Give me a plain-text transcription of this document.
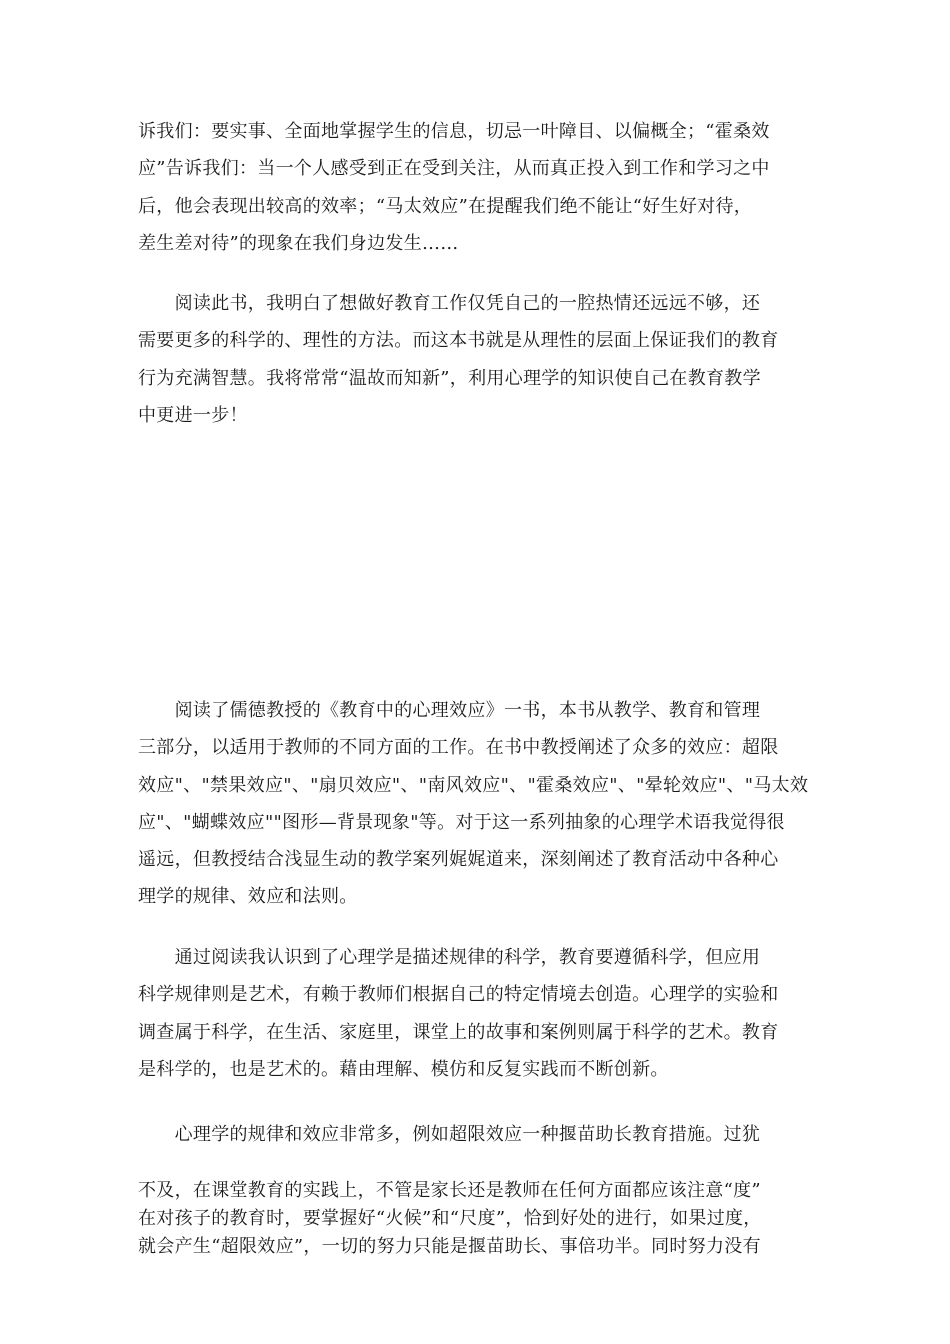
诉我们：要实事、全面地掌握学生的信息，切忌一叶障目、以偏概全；“霍桑效
应”告诉我们：当一个人感受到正在受到关注，从而真正投入到工作和学习之中
后，他会表现出较高的效率；“马太效应”在提醒我们绝不能让“好生好对待，
差生差对待”的现象在我们身边发生……

　　阅读此书，我明白了想做好教育工作仅凭自己的一腔热情还远远不够，还
需要更多的科学的、理性的方法。而这本书就是从理性的层面上保证我们的教育
行为充满智慧。我将常常“温故而知新”，利用心理学的知识使自己在教育教学
中更进一步！

　　阅读了儒德教授的《教育中的心理效应》一书，本书从教学、教育和管理
三部分，以适用于教师的不同方面的工作。在书中教授阐述了众多的效应：超限
效应"、"禁果效应"、"扇贝效应"、"南风效应"、"霍桑效应"、"晕轮效应"、"马太效
应"、"蝴蝶效应""图形—背景现象"等。对于这一系列抽象的心理学术语我觉得很
遥远，但教授结合浅显生动的教学案列娓娓道来，深刻阐述了教育活动中各种心
理学的规律、效应和法则。

　　通过阅读我认识到了心理学是描述规律的科学，教育要遵循科学，但应用
科学规律则是艺术，有赖于教师们根据自己的特定情境去创造。心理学的实验和
调查属于科学，在生活、家庭里，课堂上的故事和案例则属于科学的艺术。教育
是科学的，也是艺术的。藉由理解、模仿和反复实践而不断创新。

　　心理学的规律和效应非常多，例如超限效应一种揠苗助长教育措施。过犹

不及，在课堂教育的实践上，不管是家长还是教师在任何方面都应该注意“度”
在对孩子的教育时，要掌握好“火候”和“尺度”，恰到好处的进行，如果过度，
就会产生“超限效应”，一切的努力只能是揠苗助长、事倍功半。同时努力没有
